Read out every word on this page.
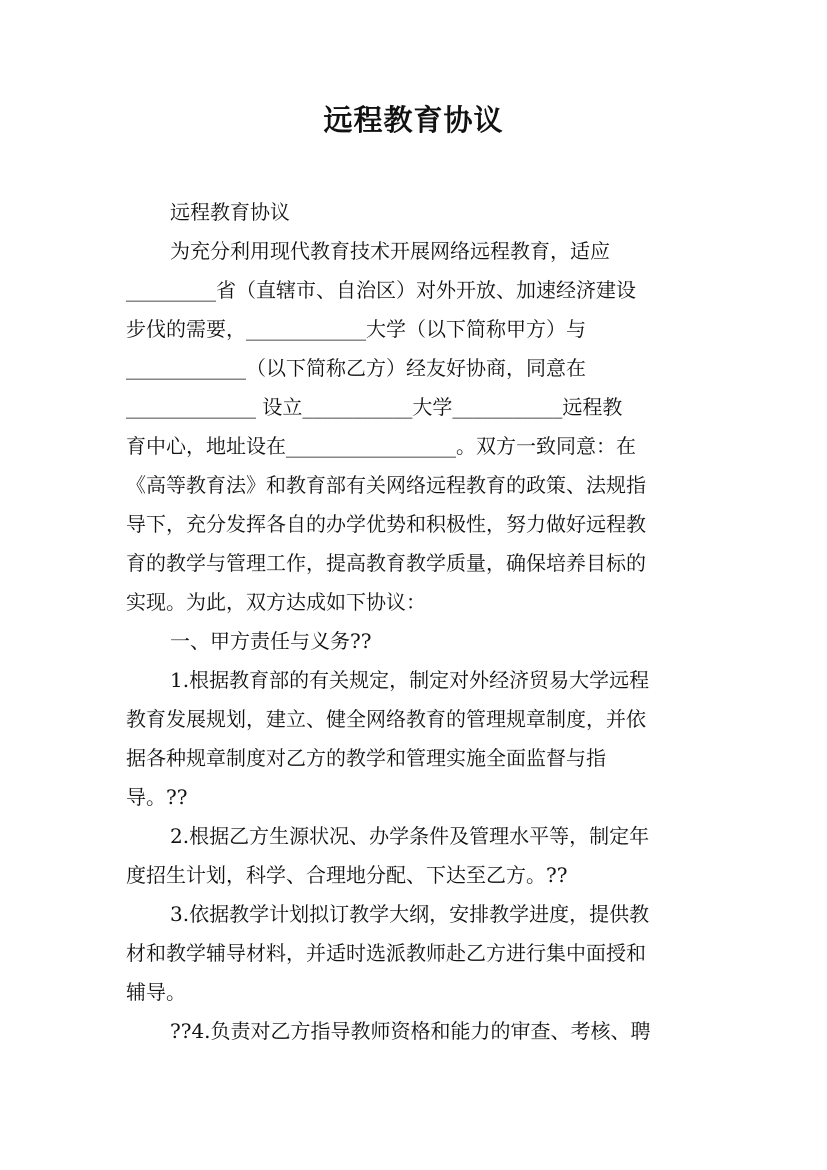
远程教育协议
远程教育协议
为充分利用现代教育技术开展网络远程教育，适应
_________省（直辖市、自治区）对外开放、加速经济建设
步伐的需要，____________大学（以下简称甲方）与
____________（以下简称乙方）经友好协商，同意在
_____________ 设立___________大学___________远程教
育中心，地址设在_________________。双方一致同意：在
《高等教育法》和教育部有关网络远程教育的政策、法规指
导下，充分发挥各自的办学优势和积极性，努力做好远程教
育的教学与管理工作，提高教育教学质量，确保培养目标的
实现。为此，双方达成如下协议：
一、甲方责任与义务??
1.根据教育部的有关规定，制定对外经济贸易大学远程
教育发展规划，建立、健全网络教育的管理规章制度，并依
据各种规章制度对乙方的教学和管理实施全面监督与指
导。??
2.根据乙方生源状况、办学条件及管理水平等，制定年
度招生计划，科学、合理地分配、下达至乙方。??
3.依据教学计划拟订教学大纲，安排教学进度，提供教
材和教学辅导材料，并适时选派教师赴乙方进行集中面授和
辅导。
??4.负责对乙方指导教师资格和能力的审查、考核、聘
